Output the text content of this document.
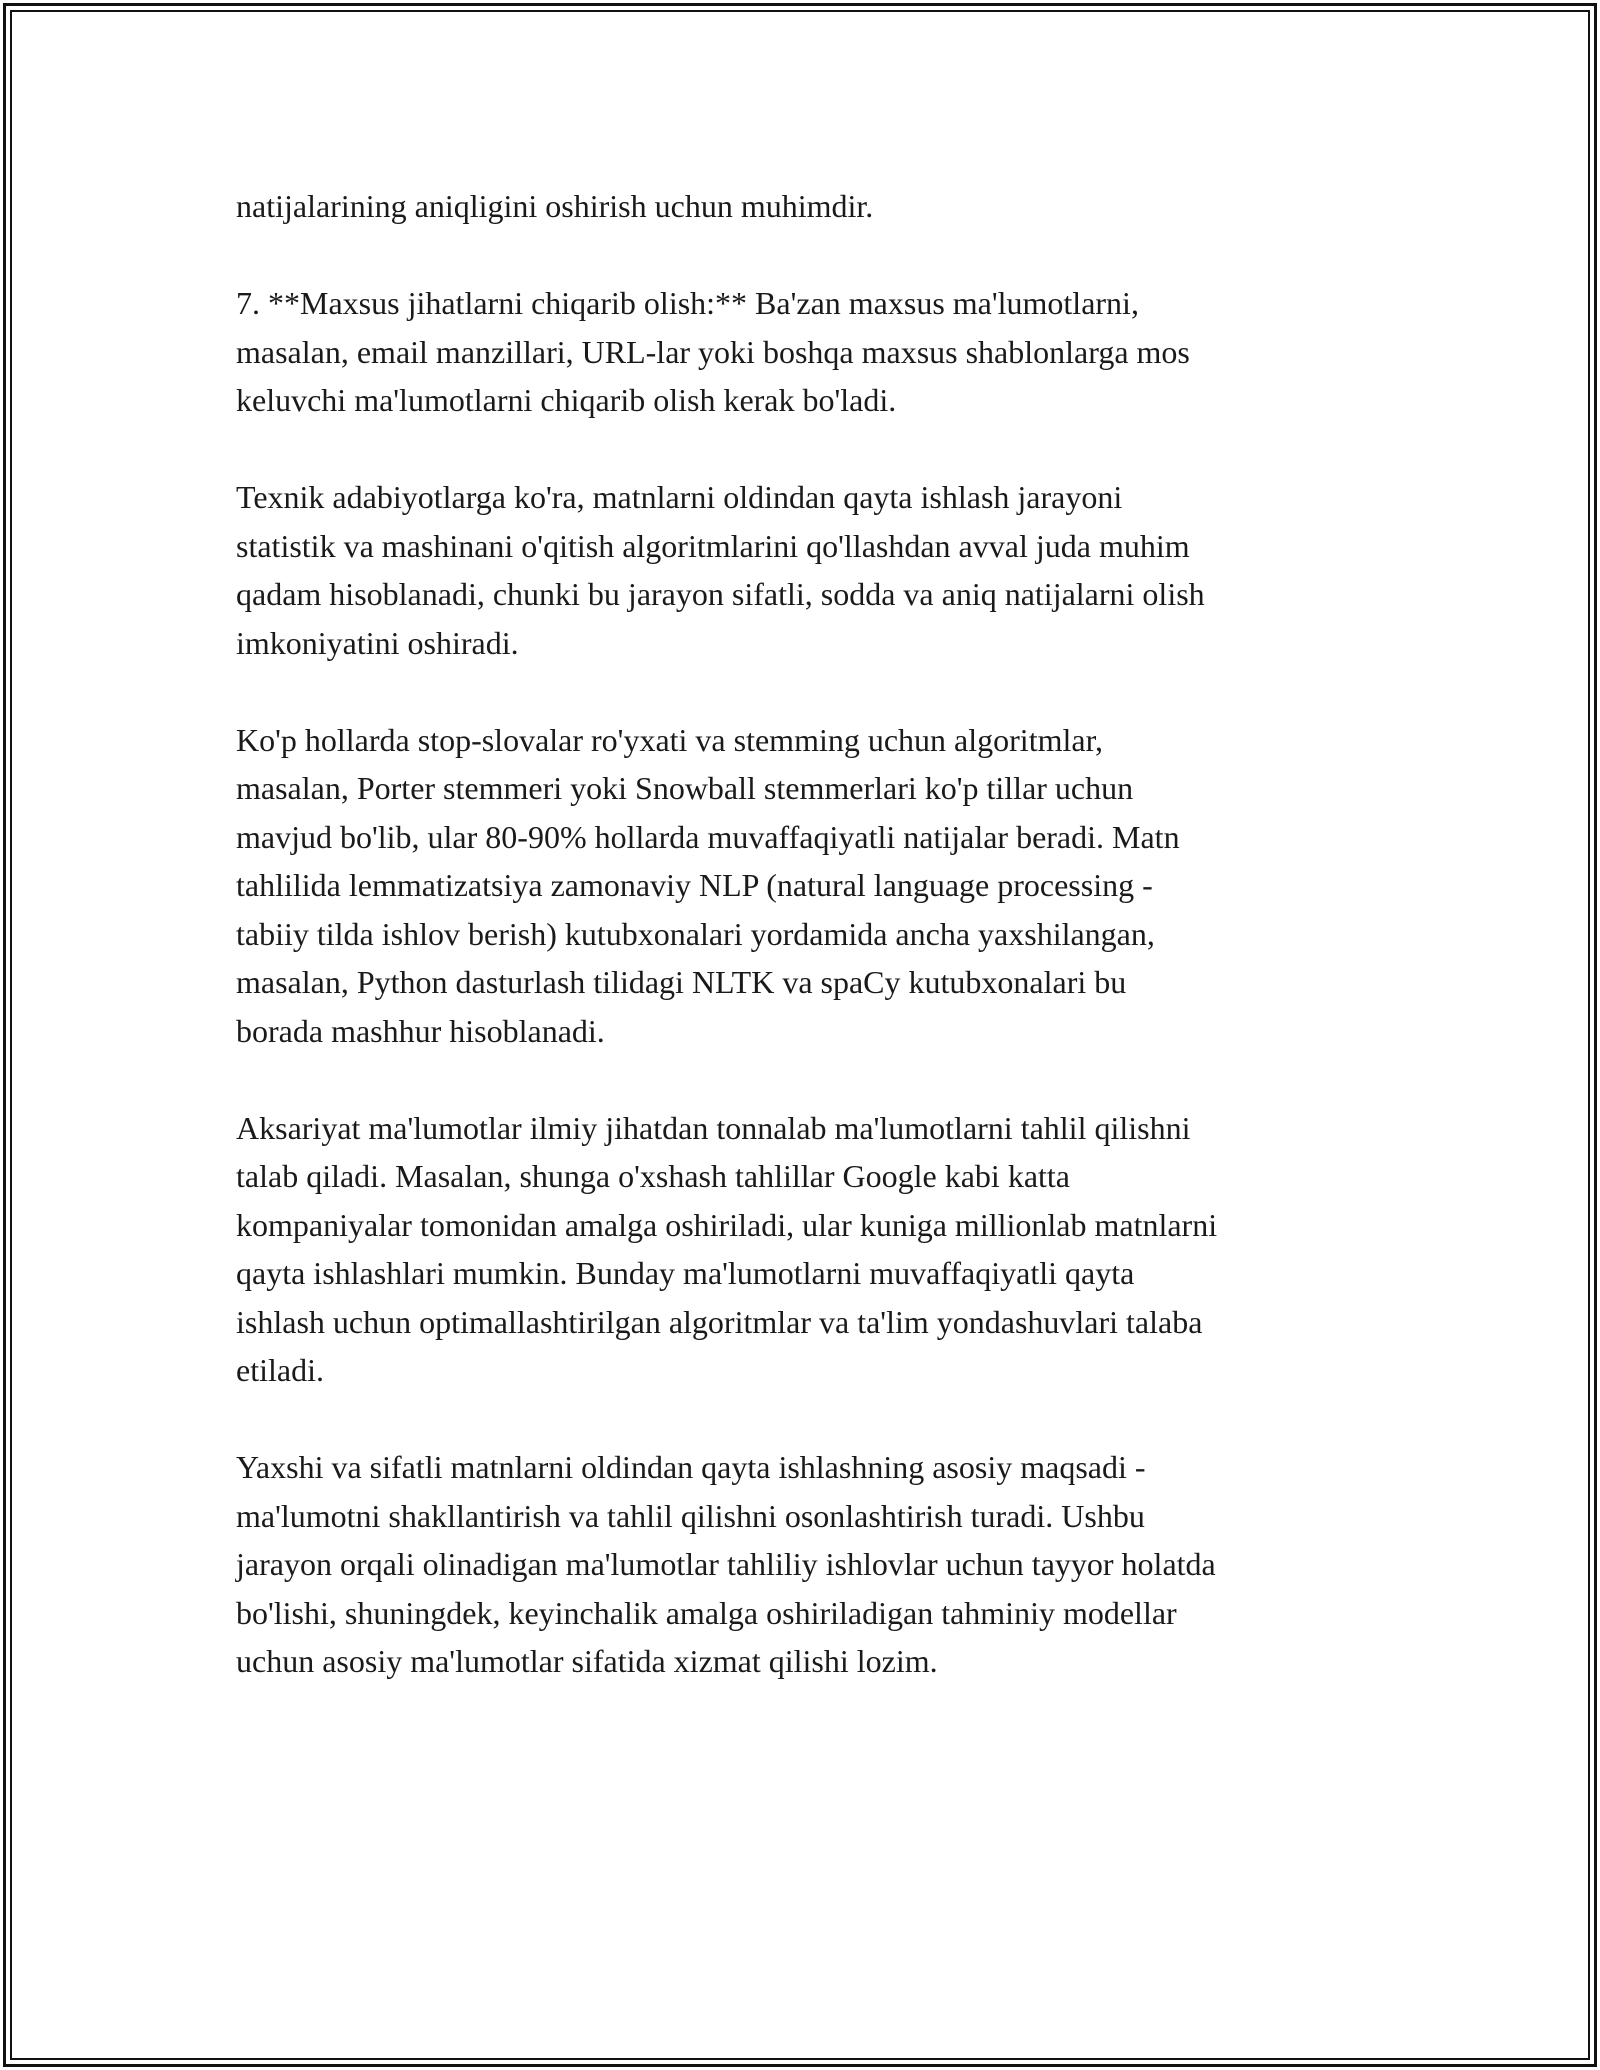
natijalarining aniqligini oshirish uchun muhimdir.

7. **Maxsus jihatlarni chiqarib olish:** Ba'zan maxsus ma'lumotlarni,
masalan, email manzillari, URL-lar yoki boshqa maxsus shablonlarga mos
keluvchi ma'lumotlarni chiqarib olish kerak bo'ladi.

Texnik adabiyotlarga ko'ra, matnlarni oldindan qayta ishlash jarayoni
statistik va mashinani o'qitish algoritmlarini qo'llashdan avval juda muhim
qadam hisoblanadi, chunki bu jarayon sifatli, sodda va aniq natijalarni olish
imkoniyatini oshiradi.

Ko'p hollarda stop-slovalar ro'yxati va stemming uchun algoritmlar,
masalan, Porter stemmeri yoki Snowball stemmerlari ko'p tillar uchun
mavjud bo'lib, ular 80-90% hollarda muvaffaqiyatli natijalar beradi. Matn
tahlilida lemmatizatsiya zamonaviy NLP (natural language processing -
tabiiy tilda ishlov berish) kutubxonalari yordamida ancha yaxshilangan,
masalan, Python dasturlash tilidagi NLTK va spaCy kutubxonalari bu
borada mashhur hisoblanadi.

Aksariyat ma'lumotlar ilmiy jihatdan tonnalab ma'lumotlarni tahlil qilishni
talab qiladi. Masalan, shunga o'xshash tahlillar Google kabi katta
kompaniyalar tomonidan amalga oshiriladi, ular kuniga millionlab matnlarni
qayta ishlashlari mumkin. Bunday ma'lumotlarni muvaffaqiyatli qayta
ishlash uchun optimallashtirilgan algoritmlar va ta'lim yondashuvlari talaba
etiladi.

Yaxshi va sifatli matnlarni oldindan qayta ishlashning asosiy maqsadi -
ma'lumotni shakllantirish va tahlil qilishni osonlashtirish turadi. Ushbu
jarayon orqali olinadigan ma'lumotlar tahliliy ishlovlar uchun tayyor holatda
bo'lishi, shuningdek, keyinchalik amalga oshiriladigan tahminiy modellar
uchun asosiy ma'lumotlar sifatida xizmat qilishi lozim.
